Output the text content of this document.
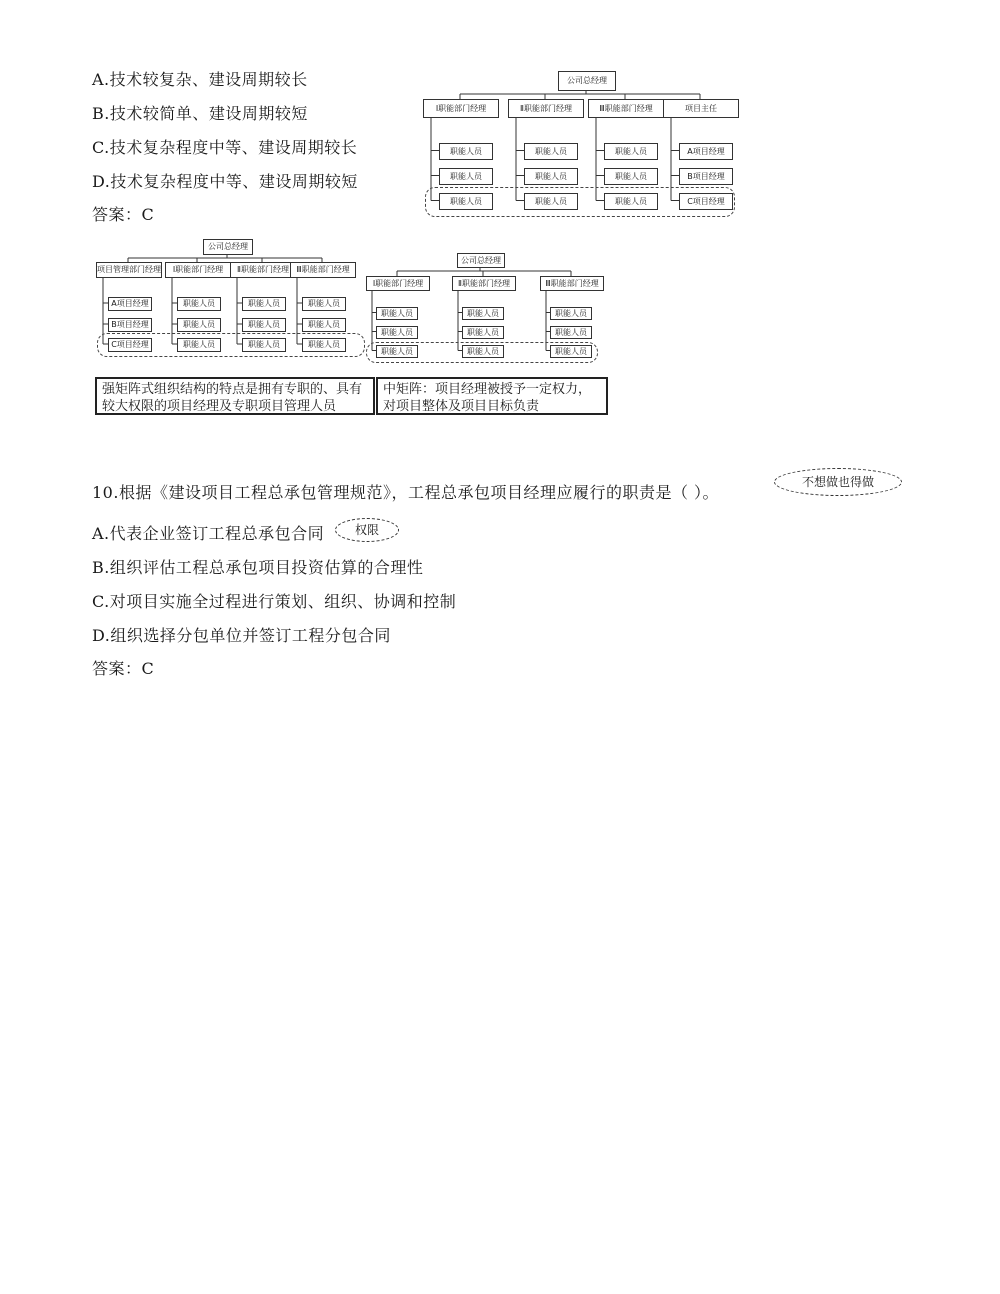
A.技术较复杂、建设周期较长
B.技术较简单、建设周期较短
C.技术复杂程度中等、建设周期较长
D.技术复杂程度中等、建设周期较短
答案：C
公司总经理
Ⅰ职能部门经理
职能人员
职能人员
职能人员
Ⅱ职能部门经理
职能人员
职能人员
职能人员
Ⅲ职能部门经理
职能人员
职能人员
职能人员
项目主任
A项目经理
B项目经理
C项目经理
公司总经理
项目管理部门经理
A项目经理
B项目经理
C项目经理
Ⅰ职能部门经理
职能人员
职能人员
职能人员
Ⅱ职能部门经理
职能人员
职能人员
职能人员
Ⅲ职能部门经理
职能人员
职能人员
职能人员
公司总经理
Ⅰ职能部门经理
职能人员
职能人员
职能人员
Ⅱ职能部门经理
职能人员
职能人员
职能人员
Ⅲ职能部门经理
职能人员
职能人员
职能人员
强矩阵式组织结构的特点是拥有专职的、具有较大权限的项目经理及专职项目管理人员
中矩阵：项目经理被授予一定权力，对项目整体及项目目标负责
10.根据《建设项目工程总承包管理规范》，工程总承包项目经理应履行的职责是（ ）。
不想做也得做
A.代表企业签订工程总承包合同	权限
B.组织评估工程总承包项目投资估算的合理性
C.对项目实施全过程进行策划、组织、协调和控制
D.组织选择分包单位并签订工程分包合同
答案：C
